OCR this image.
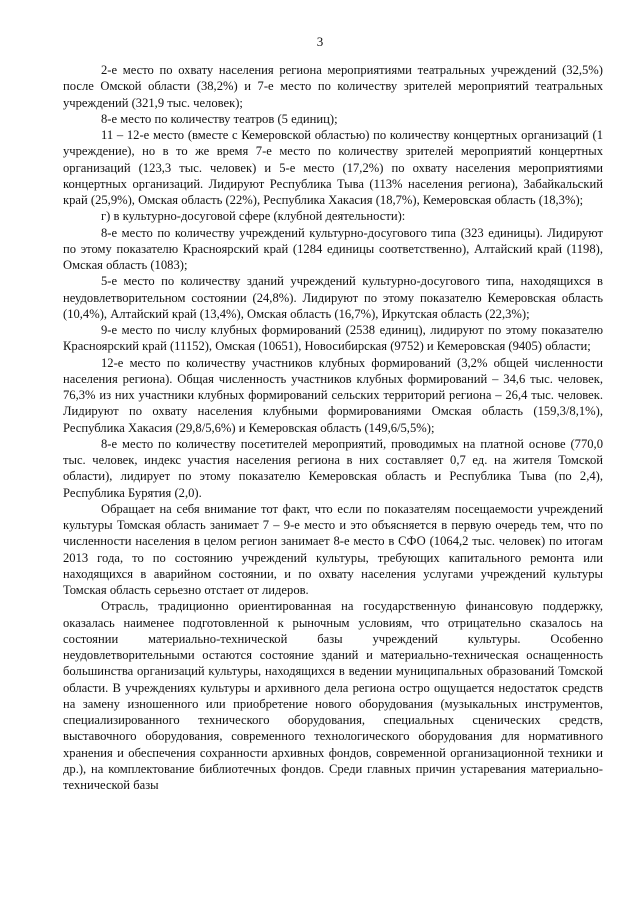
3

2-е место по охвату населения региона мероприятиями театральных учреждений (32,5%) после Омской области (38,2%) и 7-е место по количеству зрителей мероприятий театральных учреждений (321,9 тыс. человек);

8-е место по количеству театров (5 единиц);

11 – 12-е место (вместе с Кемеровской областью) по количеству концертных организаций (1 учреждение), но в то же время 7-е место по количеству зрителей мероприятий концертных организаций (123,3 тыс. человек) и 5-е место (17,2%) по охвату населения мероприятиями концертных организаций. Лидируют Республика Тыва (113% населения региона), Забайкальский край (25,9%), Омская область (22%), Республика Хакасия (18,7%), Кемеровская область (18,3%);

г) в культурно-досуговой сфере (клубной деятельности):

8-е место по количеству учреждений культурно-досугового типа (323 единицы). Лидируют по этому показателю Красноярский край (1284 единицы соответственно), Алтайский край (1198), Омская область (1083);

5-е место по количеству зданий учреждений культурно-досугового типа, находящихся в неудовлетворительном состоянии (24,8%). Лидируют по этому показателю Кемеровская область (10,4%), Алтайский край (13,4%), Омская область (16,7%), Иркутская область (22,3%);

9-е место по числу клубных формирований (2538 единиц), лидируют по этому показателю Красноярский край (11152), Омская (10651), Новосибирская (9752) и Кемеровская (9405) области;

12-е место по количеству участников клубных формирований (3,2% общей численности населения региона). Общая численность участников клубных формирований – 34,6 тыс. человек, 76,3% из них участники клубных формирований сельских территорий региона – 26,4 тыс. человек. Лидируют по охвату населения клубными формированиями Омская область (159,3/8,1%), Республика Хакасия (29,8/5,6%) и Кемеровская область (149,6/5,5%);

8-е место по количеству посетителей мероприятий, проводимых на платной основе (770,0 тыс. человек, индекс участия населения региона в них составляет 0,7 ед. на жителя Томской области), лидирует по этому показателю Кемеровская область и Республика Тыва (по 2,4), Республика Бурятия (2,0).

Обращает на себя внимание тот факт, что если по показателям посещаемости учреждений культуры Томская область занимает 7 – 9-е место и это объясняется в первую очередь тем, что по численности населения в целом регион занимает 8-е место в СФО (1064,2 тыс. человек) по итогам 2013 года, то по состоянию учреждений культуры, требующих капитального ремонта или находящихся в аварийном состоянии, и по охвату населения услугами учреждений культуры Томская область серьезно отстает от лидеров.

Отрасль, традиционно ориентированная на государственную финансовую поддержку, оказалась наименее подготовленной к рыночным условиям, что отрицательно сказалось на состоянии материально-технической базы учреждений культуры. Особенно неудовлетворительными остаются состояние зданий и материально-техническая оснащенность большинства организаций культуры, находящихся в ведении муниципальных образований Томской области. В учреждениях культуры и архивного дела региона остро ощущается недостаток средств на замену изношенного или приобретение нового оборудования (музыкальных инструментов, специализированного технического оборудования, специальных сценических средств, выставочного оборудования, современного технологического оборудования для нормативного хранения и обеспечения сохранности архивных фондов, современной организационной техники и др.), на комплектование библиотечных фондов. Среди главных причин устаревания материально-технической базы
